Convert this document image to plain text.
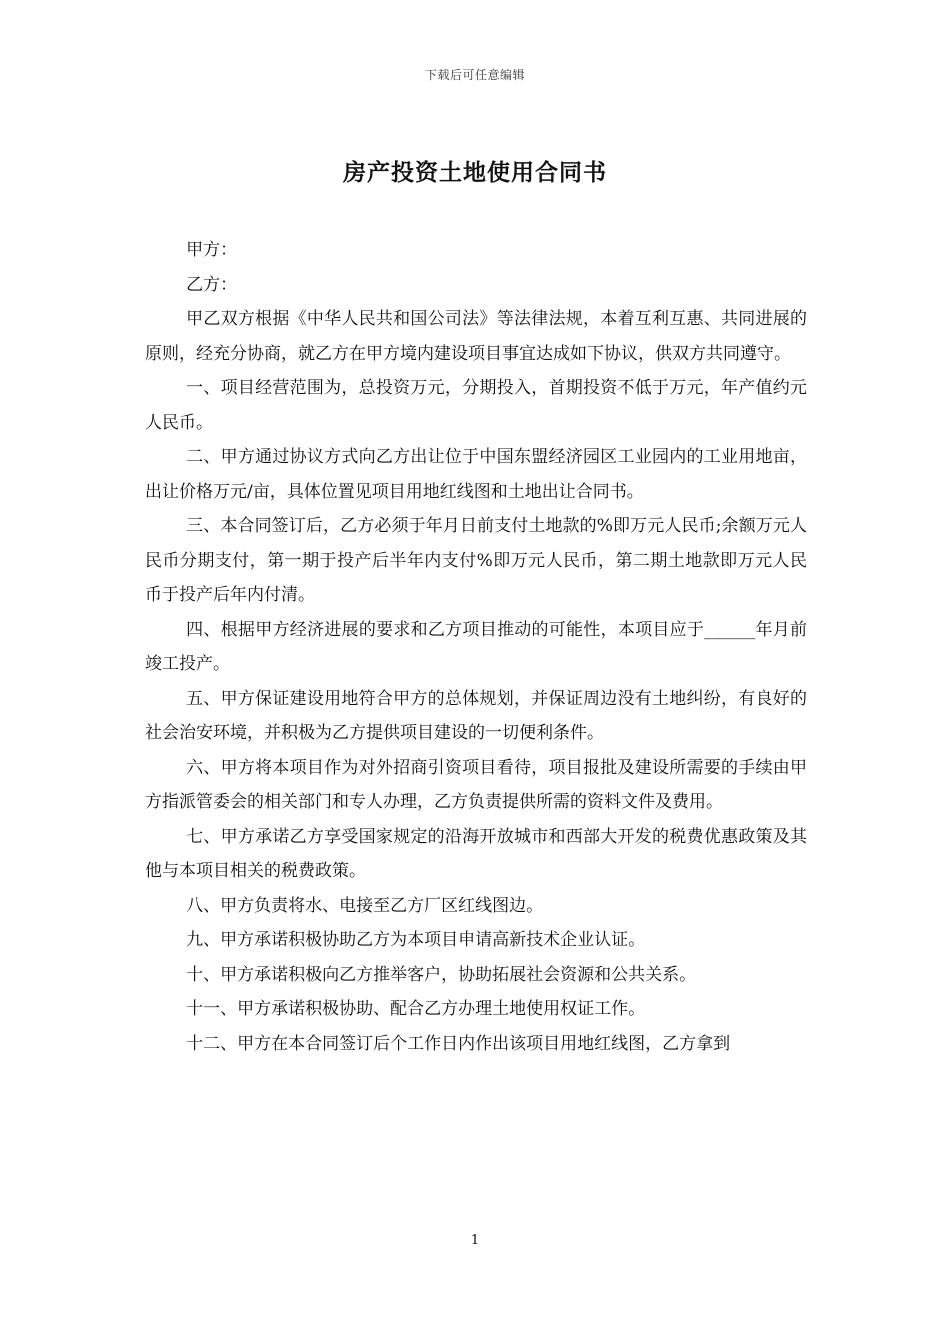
下载后可任意编辑
房产投资土地使用合同书

甲方：

乙方：

甲乙双方根据《中华人民共和国公司法》等法律法规，本着互利互惠、共同进展的原则，经充分协商，就乙方在甲方境内建设项目事宜达成如下协议，供双方共同遵守。

一、项目经营范围为，总投资万元，分期投入，首期投资不低于万元，年产值约元人民币。

二、甲方通过协议方式向乙方出让位于中国东盟经济园区工业园内的工业用地亩，出让价格万元/亩，具体位置见项目用地红线图和土地出让合同书。

三、本合同签订后，乙方必须于年月日前支付土地款的%即万元人民币;余额万元人民币分期支付，第一期于投产后半年内支付%即万元人民币，第二期土地款即万元人民币于投产后年内付清。

四、根据甲方经济进展的要求和乙方项目推动的可能性，本项目应于______年月前竣工投产。

五、甲方保证建设用地符合甲方的总体规划，并保证周边没有土地纠纷，有良好的社会治安环境，并积极为乙方提供项目建设的一切便利条件。

六、甲方将本项目作为对外招商引资项目看待，项目报批及建设所需要的手续由甲方指派管委会的相关部门和专人办理，乙方负责提供所需的资料文件及费用。

七、甲方承诺乙方享受国家规定的沿海开放城市和西部大开发的税费优惠政策及其他与本项目相关的税费政策。

八、甲方负责将水、电接至乙方厂区红线图边。

九、甲方承诺积极协助乙方为本项目申请高新技术企业认证。

十、甲方承诺积极向乙方推举客户，协助拓展社会资源和公共关系。

十一、甲方承诺积极协助、配合乙方办理土地使用权证工作。

十二、甲方在本合同签订后个工作日内作出该项目用地红线图，乙方拿到

1
